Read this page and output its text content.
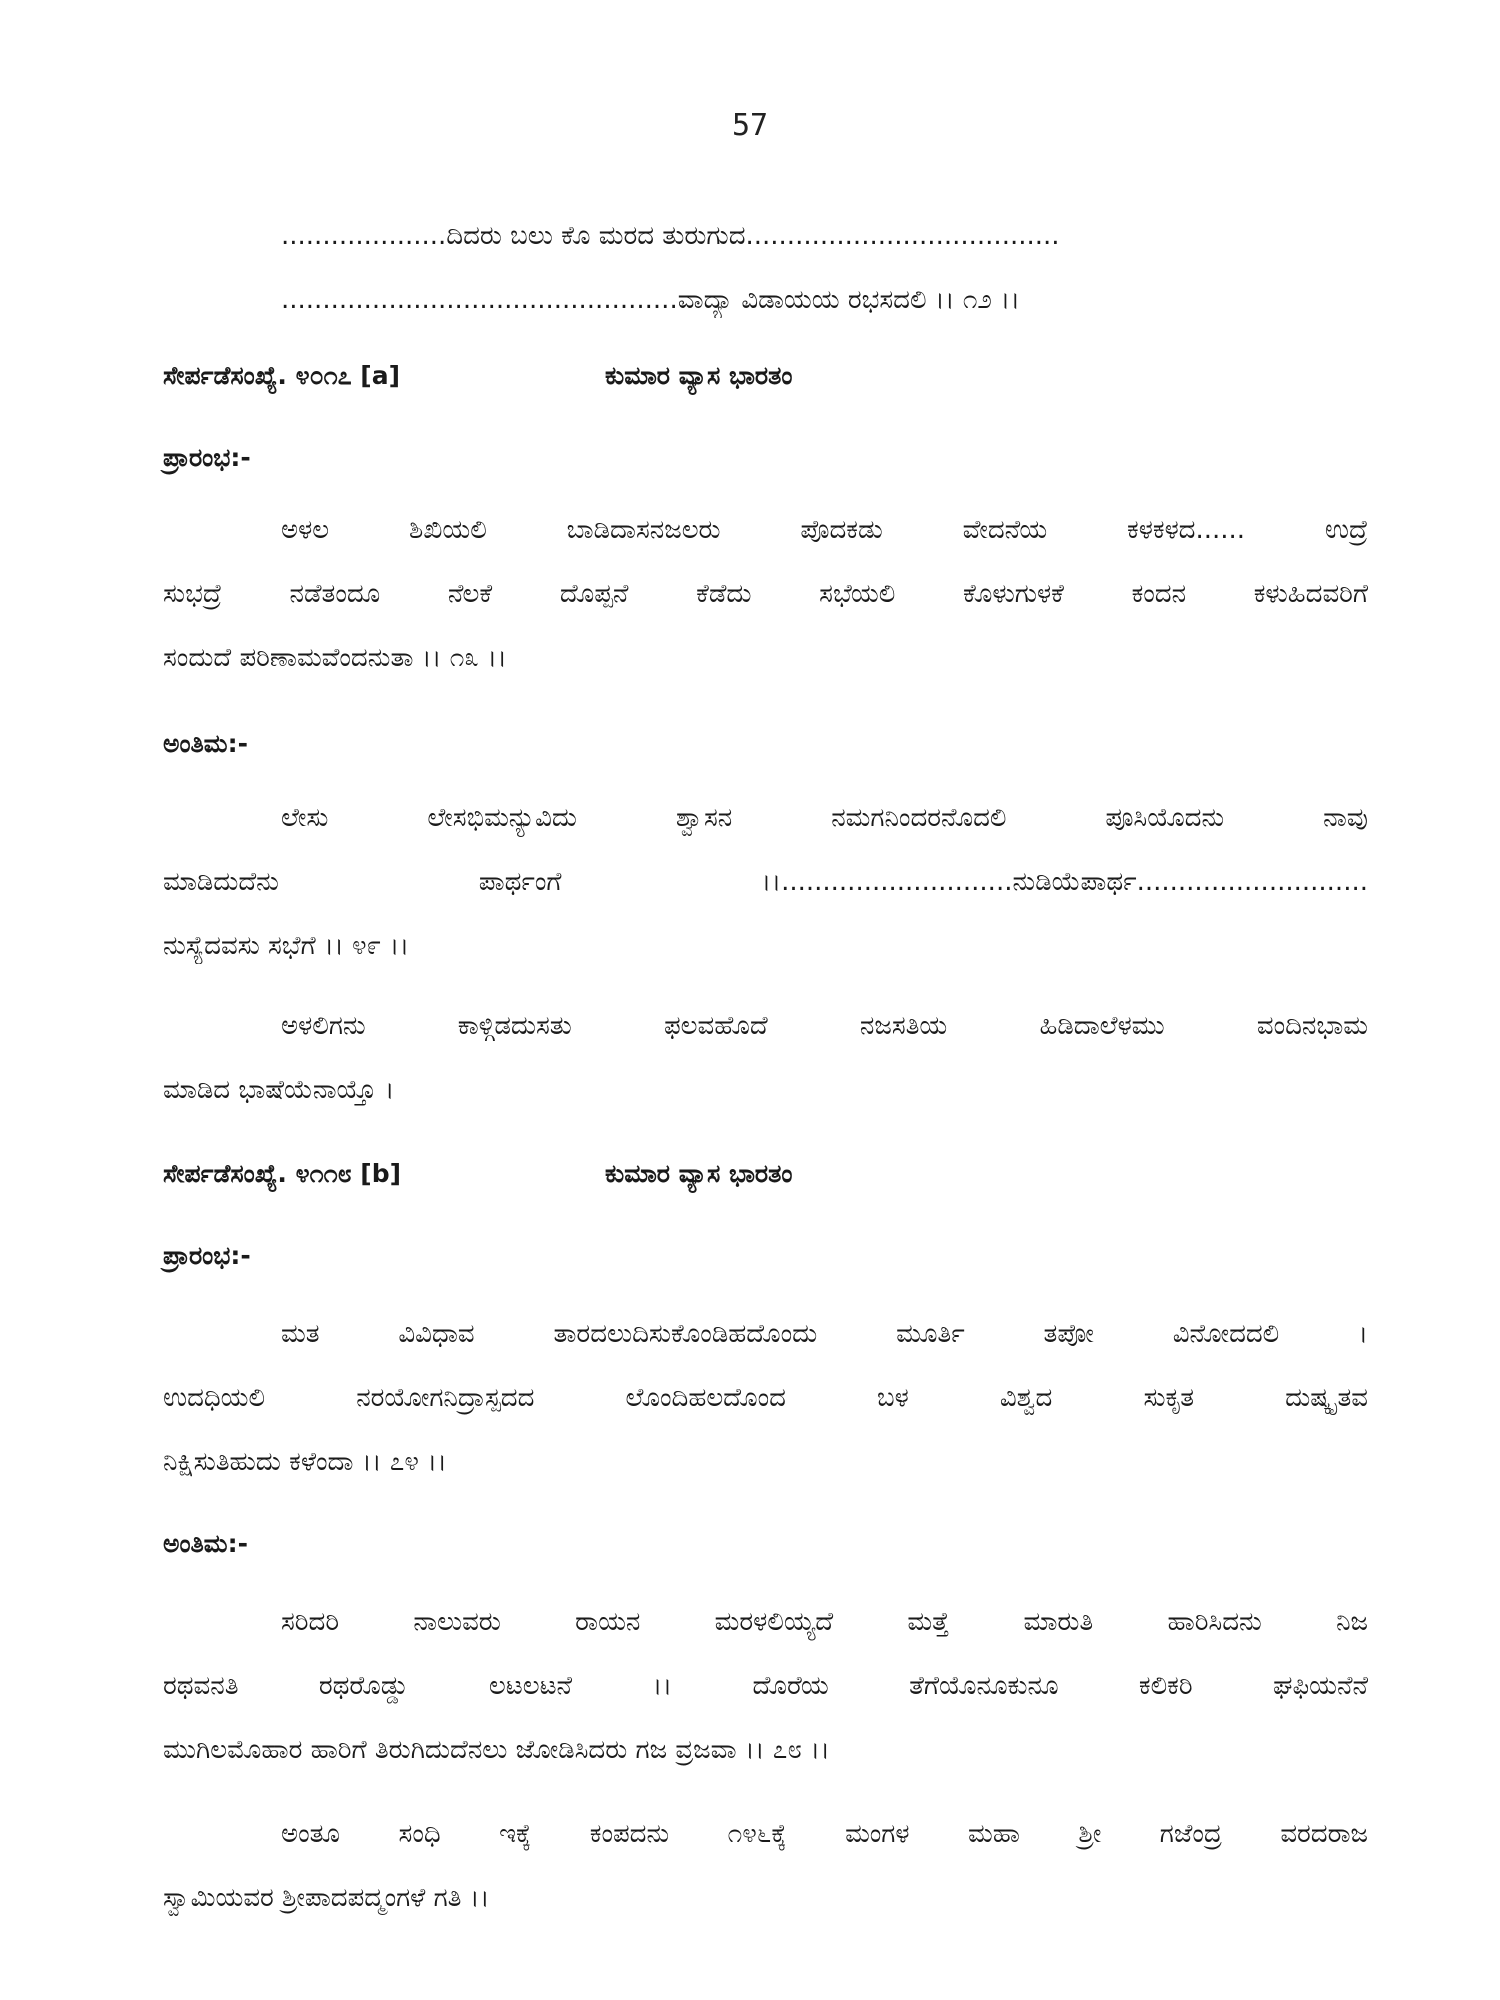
57
....................ದಿದರು ಬಲು ಕೊ ಮರದ ತುರುಗುದ......................................
................................................ವಾದ್ಯಾ ವಿಡಾಯಯ ರಭಸದಲಿ ।। ೧೨ ।।
ಸೇರ್ಪಡೆಸಂಖ್ಯೆ. ೪೦೧೭ [a]	ಕುಮಾರ ವ್ಯಾಸ ಭಾರತಂ
ಪ್ರಾರಂಭ:-
ಅಳಲ ಶಿಖಿಯಲಿ ಬಾಡಿದಾಸನಜಲರು ಪೊದಕಡು ವೇದನೆಯ ಕಳಕಳದ...... ಉದ್ರೆ
ಸುಭದ್ರೆ ನಡೆತಂದೂ ನೆಲಕೆ ದೊಪ್ಪನೆ ಕೆಡೆದು ಸಭೆಯಲಿ ಕೊಳುಗುಳಕೆ ಕಂದನ ಕಳುಹಿದವರಿಗೆ
ಸಂದುದೆ ಪರಿಣಾಮವೆಂದನುತಾ ।। ೧೩ ।।
ಅಂತಿಮ:-
ಲೇಸು ಲೇಸಭಿಮನ್ಯುವಿದು ಶ್ವಾಸನ ನಮಗನಿಂದರನೊದಲಿ ಪೂಸಿಯೊದನು ನಾವು
ಮಾಡಿದುದೆನು ಪಾರ್ಥಂಗೆ ।।............................ನುಡಿಯೆಪಾರ್ಥ............................
ನುಸ್ಯೆದವಸು ಸಭೆಗೆ ।। ೪೯ ।।
ಅಳಲಿಗನು ಕಾಳ್ಗಿಡದುಸತು ಫಲವಹೊದೆ ನಜಸತಿಯ ಹಿಡಿದಾಲೆಳಮು ವಂದಿನಭಾಮ
ಮಾಡಿದ ಭಾಷೆಯೆನಾಯ್ತೊ ।
ಸೇರ್ಪಡೆಸಂಖ್ಯೆ. ೪೧೧೮ [b]	ಕುಮಾರ ವ್ಯಾಸ ಭಾರತಂ
ಪ್ರಾರಂಭ:-
ಮತ ವಿವಿಧಾವ ತಾರದಲುದಿಸುಕೊಂಡಿಹದೊಂದು ಮೂರ್ತಿ ತಪೋ ವಿನೋದದಲಿ ।
ಉದಧಿಯಲಿ ನರಯೋಗನಿದ್ರಾಸ್ಪದದ ಲೊಂದಿಹಲದೊಂದ ಬಳ ವಿಶ್ವದ ಸುಕೃತ ದುಷ್ಕೃತವ
ನಿಕ್ಷಿಸುತಿಹುದು ಕಳೆಂದಾ ।। ೭೪ ।।
ಅಂತಿಮ:-
ಸರಿದರಿ ನಾಲುವರು ರಾಯನ ಮರಳಲಿಯ್ಯದೆ ಮತ್ತೆ ಮಾರುತಿ ಹಾರಿಸಿದನು ನಿಜ
ರಥವನತಿ ರಥರೊಡ್ಡು ಲಟಲಟನೆ ।। ದೊರೆಯ ತೆಗೆಯೊನೂಕುನೂ ಕಲಿಕರಿ ಘಫಿಯನೆನೆ
ಮುಗಿಲಮೊಹಾರ ಹಾರಿಗೆ ತಿರುಗಿದುದೆನಲು ಜೋಡಿಸಿದರು ಗಜ ವ್ರಜವಾ ।। ೭೮ ।।
ಅಂತೂ ಸಂಧಿ ಇಕ್ಕೆ ಕಂಪದನು ೧೪೬ಕ್ಕೆ ಮಂಗಳ ಮಹಾ ಶ್ರೀ ಗಜೆಂದ್ರ ವರದರಾಜ
ಸ್ವಾಮಿಯವರ ಶ್ರೀಪಾದಪದ್ಮಂಗಳೆ ಗತಿ ।।
